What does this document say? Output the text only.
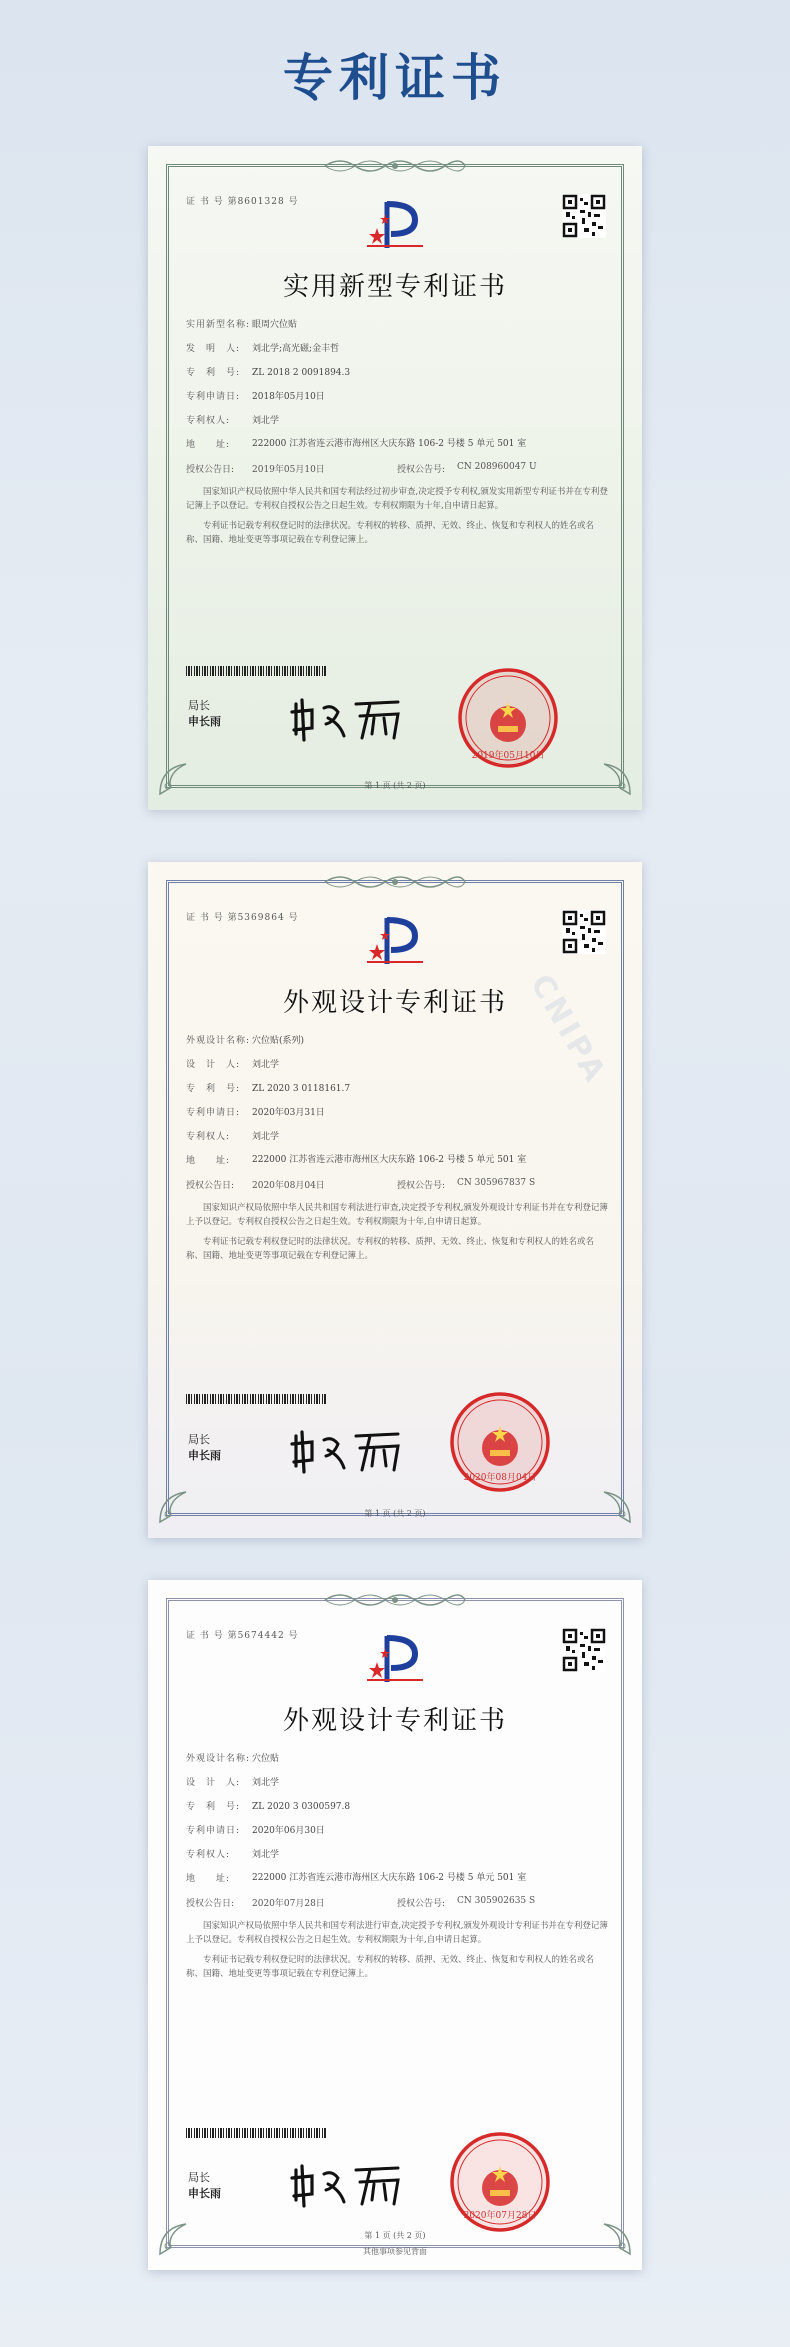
专利证书
证 书 号 第8601328 号
实用新型专利证书
实用新型名称: 眼周穴位贴
发　明　人:	刘北学;高光磁;金丰哲
专　利　号:	ZL 2018 2 0091894.3
专利申请日:	2018年05月10日
专利权人:	刘北学
地　　址:	222000 江苏省连云港市海州区大庆东路 106-2 号楼 5 单元 501 室
授权公告日:	2019年05月10日	授权公告号:	CN 208960047 U
国家知识产权局依照中华人民共和国专利法经过初步审查,决定授予专利权,颁发实用新型专利证书并在专利登记簿上予以登记。专利权自授权公告之日起生效。专利权期限为十年,自申请日起算。
专利证书记载专利权登记时的法律状况。专利权的转移、质押、无效、终止、恢复和专利权人的姓名或名称、国籍、地址变更等事项记载在专利登记簿上。
局长
申长雨
2019年05月10日
第 1 页 (共 2 页)
证 书 号 第5369864 号
外观设计专利证书
外观设计名称: 穴位贴(系列)
设　计　人:	刘北学
专　利　号:	ZL 2020 3 0118161.7
专利申请日:	2020年03月31日
专利权人:	刘北学
地　　址:	222000 江苏省连云港市海州区大庆东路 106-2 号楼 5 单元 501 室
授权公告日:	2020年08月04日	授权公告号:	CN 305967837 S
国家知识产权局依照中华人民共和国专利法进行审查,决定授予专利权,颁发外观设计专利证书并在专利登记簿上予以登记。专利权自授权公告之日起生效。专利权期限为十年,自申请日起算。
专利证书记载专利权登记时的法律状况。专利权的转移、质押、无效、终止、恢复和专利权人的姓名或名称、国籍、地址变更等事项记载在专利登记簿上。
局长
申长雨
2020年08月04日
第 1 页 (共 2 页)
CNIPA
证 书 号 第5674442 号
外观设计专利证书
外观设计名称: 穴位贴
设　计　人:	刘北学
专　利　号:	ZL 2020 3 0300597.8
专利申请日:	2020年06月30日
专利权人:	刘北学
地　　址:	222000 江苏省连云港市海州区大庆东路 106-2 号楼 5 单元 501 室
授权公告日:	2020年07月28日	授权公告号:	CN 305902635 S
国家知识产权局依照中华人民共和国专利法进行审查,决定授予专利权,颁发外观设计专利证书并在专利登记簿上予以登记。专利权自授权公告之日起生效。专利权期限为十年,自申请日起算。
专利证书记载专利权登记时的法律状况。专利权的转移、质押、无效、终止、恢复和专利权人的姓名或名称、国籍、地址变更等事项记载在专利登记簿上。
局长
申长雨
2020年07月28日
第 1 页 (共 2 页)
其他事项参见背面
